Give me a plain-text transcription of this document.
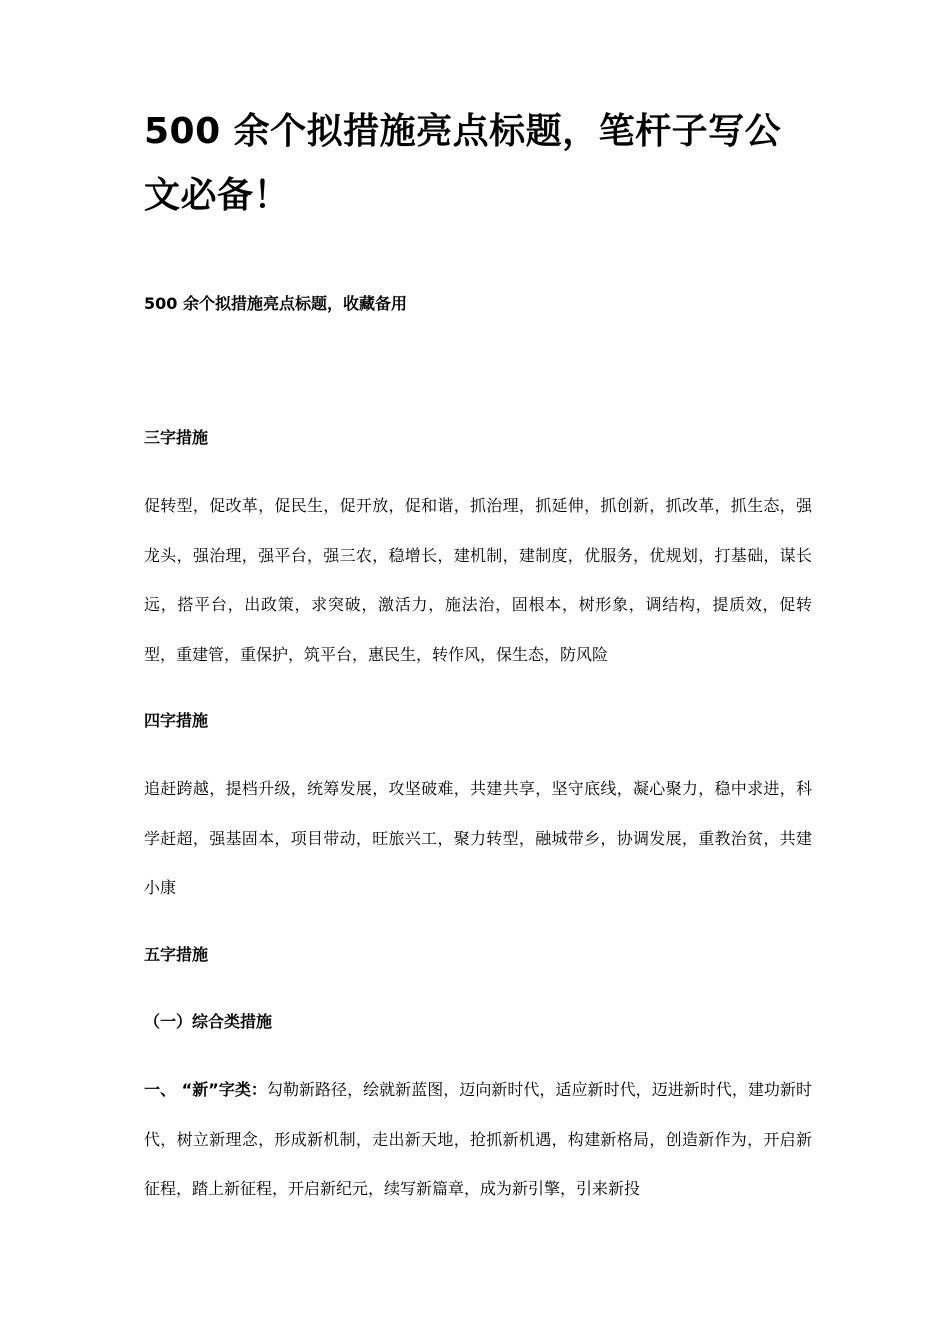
500 余个拟措施亮点标题，笔杆子写公文必备！

500 余个拟措施亮点标题，收藏备用

三字措施

促转型，促改革，促民生，促开放，促和谐，抓治理，抓延伸，抓创新，抓改革，抓生态，强龙头，强治理，强平台，强三农，稳增长，建机制，建制度，优服务，优规划，打基础，谋长远，搭平台，出政策，求突破，激活力，施法治，固根本，树形象，调结构，提质效，促转型，重建管，重保护，筑平台，惠民生，转作风，保生态，防风险

四字措施

追赶跨越，提档升级，统筹发展，攻坚破难，共建共享，坚守底线，凝心聚力，稳中求进，科学赶超，强基固本，项目带动，旺旅兴工，聚力转型，融城带乡，协调发展，重教治贫，共建小康

五字措施

（一）综合类措施

一、 “新”字类：勾勒新路径，绘就新蓝图，迈向新时代，适应新时代，迈进新时代，建功新时代，树立新理念，形成新机制，走出新天地，抢抓新机遇，构建新格局，创造新作为，开启新征程，踏上新征程，开启新纪元，续写新篇章，成为新引擎，引来新投
